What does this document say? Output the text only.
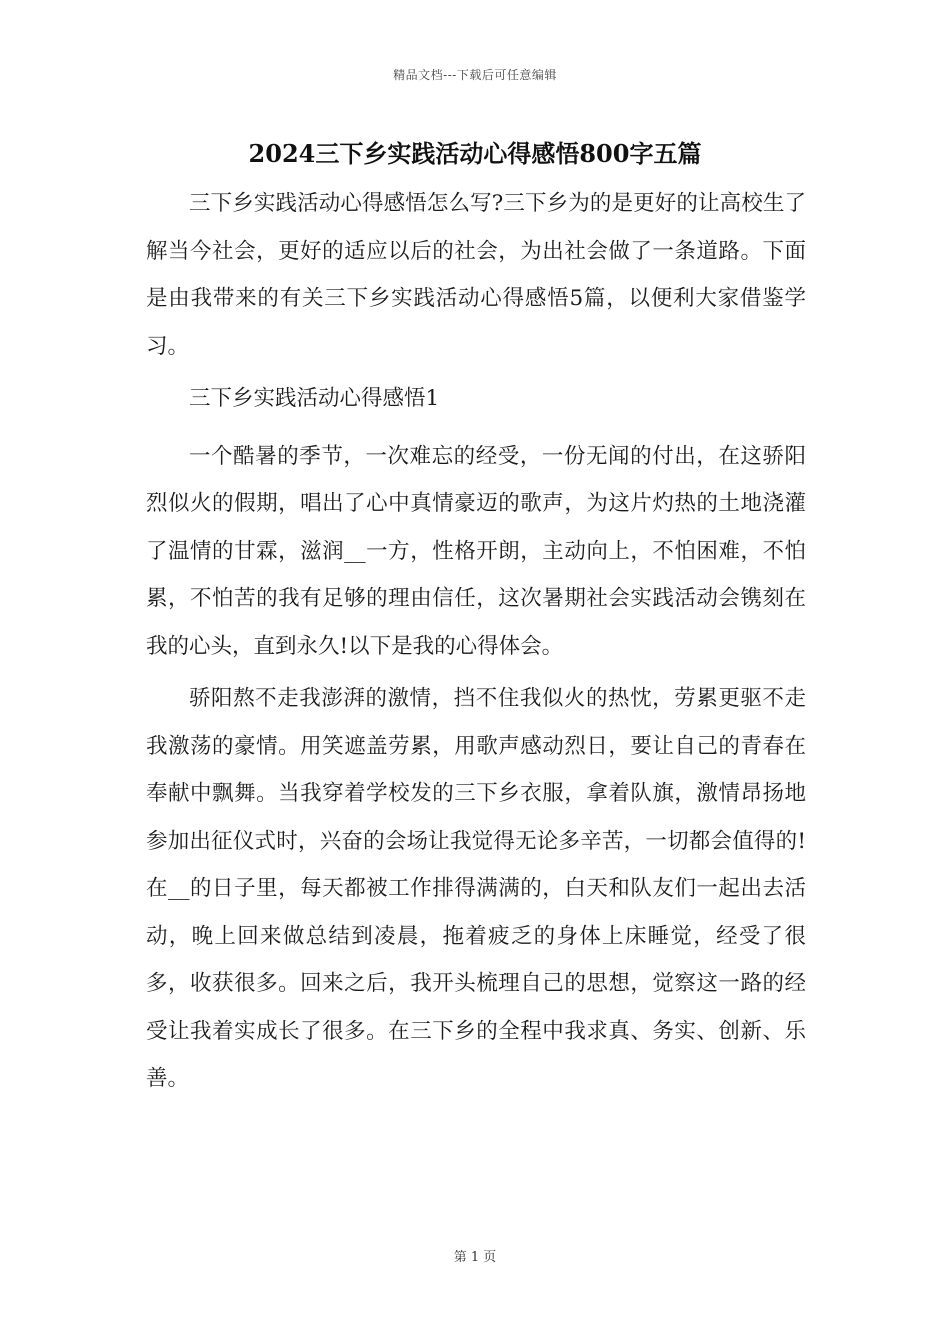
精品文档---下载后可任意编辑
2024三下乡实践活动心得感悟800字五篇

三下乡实践活动心得感悟怎么写?三下乡为的是更好的让高校生了解当今社会，更好的适应以后的社会，为出社会做了一条道路。下面是由我带来的有关三下乡实践活动心得感悟5篇，以便利大家借鉴学习。

三下乡实践活动心得感悟1

一个酷暑的季节，一次难忘的经受，一份无闻的付出，在这骄阳烈似火的假期，唱出了心中真情豪迈的歌声，为这片灼热的土地浇灌了温情的甘霖，滋润__一方，性格开朗，主动向上，不怕困难，不怕累，不怕苦的我有足够的理由信任，这次暑期社会实践活动会镌刻在我的心头，直到永久!以下是我的心得体会。

骄阳熬不走我澎湃的激情，挡不住我似火的热忱，劳累更驱不走我激荡的豪情。用笑遮盖劳累，用歌声感动烈日，要让自己的青春在奉献中飘舞。当我穿着学校发的三下乡衣服，拿着队旗，激情昂扬地参加出征仪式时，兴奋的会场让我觉得无论多辛苦，一切都会值得的!在__的日子里，每天都被工作排得满满的，白天和队友们一起出去活动，晚上回来做总结到凌晨，拖着疲乏的身体上床睡觉，经受了很多，收获很多。回来之后，我开头梳理自己的思想，觉察这一路的经受让我着实成长了很多。在三下乡的全程中我求真、务实、创新、乐善。

第 1 页
